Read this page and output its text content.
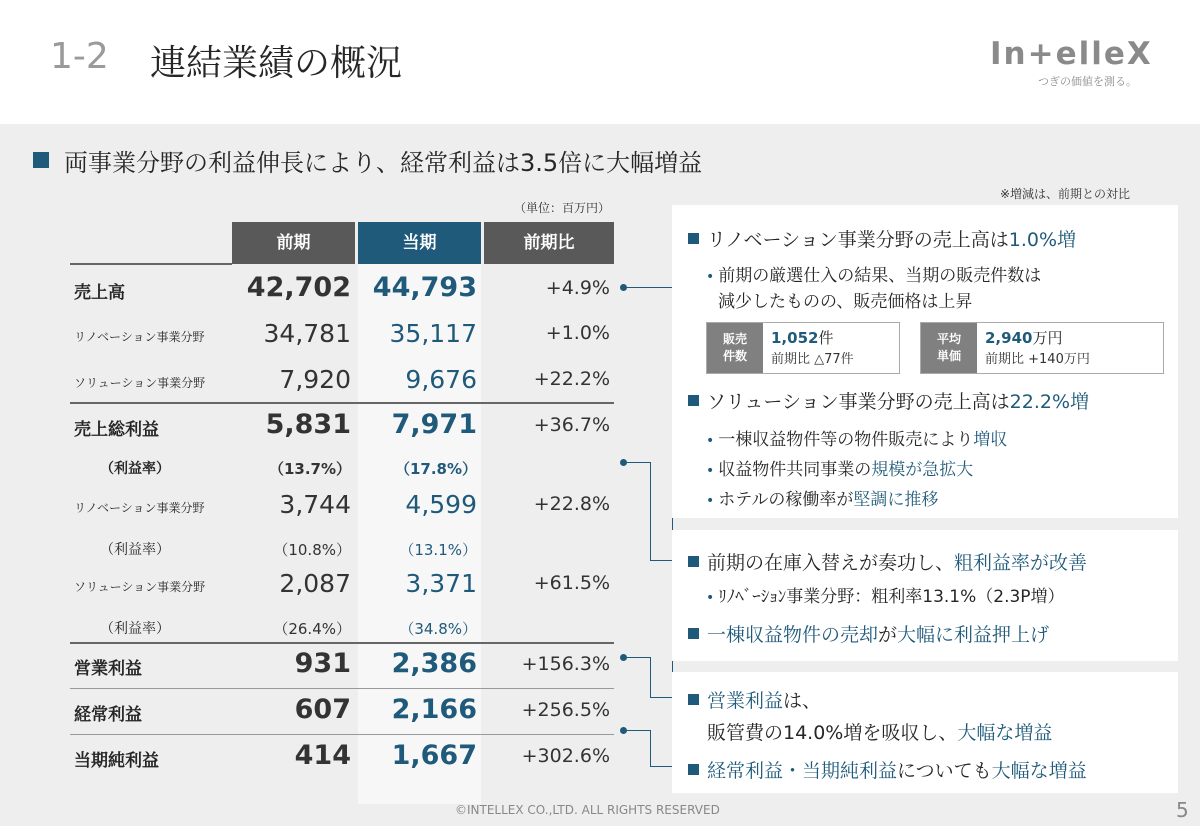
1-2 連結業績の概況	In+elleX
つぎの価値を測る。
両事業分野の利益伸長により、経常利益は3.5倍に大幅増益
※増減は、前期との対比
（単位：百万円）
前期	当期	前期比
売上高	42,702 44,793	+4.9%
リノベーション事業分野 34,781 35,117	+1.0%
ソリューション事業分野	7,920 9,676	+22.2%
売上総利益	5,831 7,971	+36.7%
（利益率）	（13.7%）	（17.8%）
リノベーション事業分野	3,744 4,599	+22.8%
（利益率）	（10.8%）	（13.1%）
ソリューション事業分野	2,087 3,371	+61.5%
（利益率）	（26.4%）	（34.8%）
営業利益	931 2,386 +156.3%
経常利益	607 2,166 +256.5%
当期純利益	414 1,667 +302.6%
リノベーション事業分野の売上高は1.0%増
• 前期の厳選仕入の結果、当期の販売件数は
減少したものの、販売価格は上昇
販売
件数
1,052件
前期比 △77件
平均
単価
2,940万円
前期比 +140万円
ソリューション事業分野の売上高は22.2%増
• 一棟収益物件等の物件販売により増収
• 収益物件共同事業の規模が急拡大
• ホテルの稼働率が堅調に推移
前期の在庫入替えが奏功し、粗利益率が改善
• ﾘﾉﾍﾞｰｼｮﾝ事業分野：粗利率13.1%（2.3P増）
一棟収益物件の売却が大幅に利益押上げ
営業利益は、
販管費の14.0%増を吸収し、大幅な増益
経常利益・当期純利益についても大幅な増益
©INTELLEX CO.,LTD. ALL RIGHTS RESERVED	5
